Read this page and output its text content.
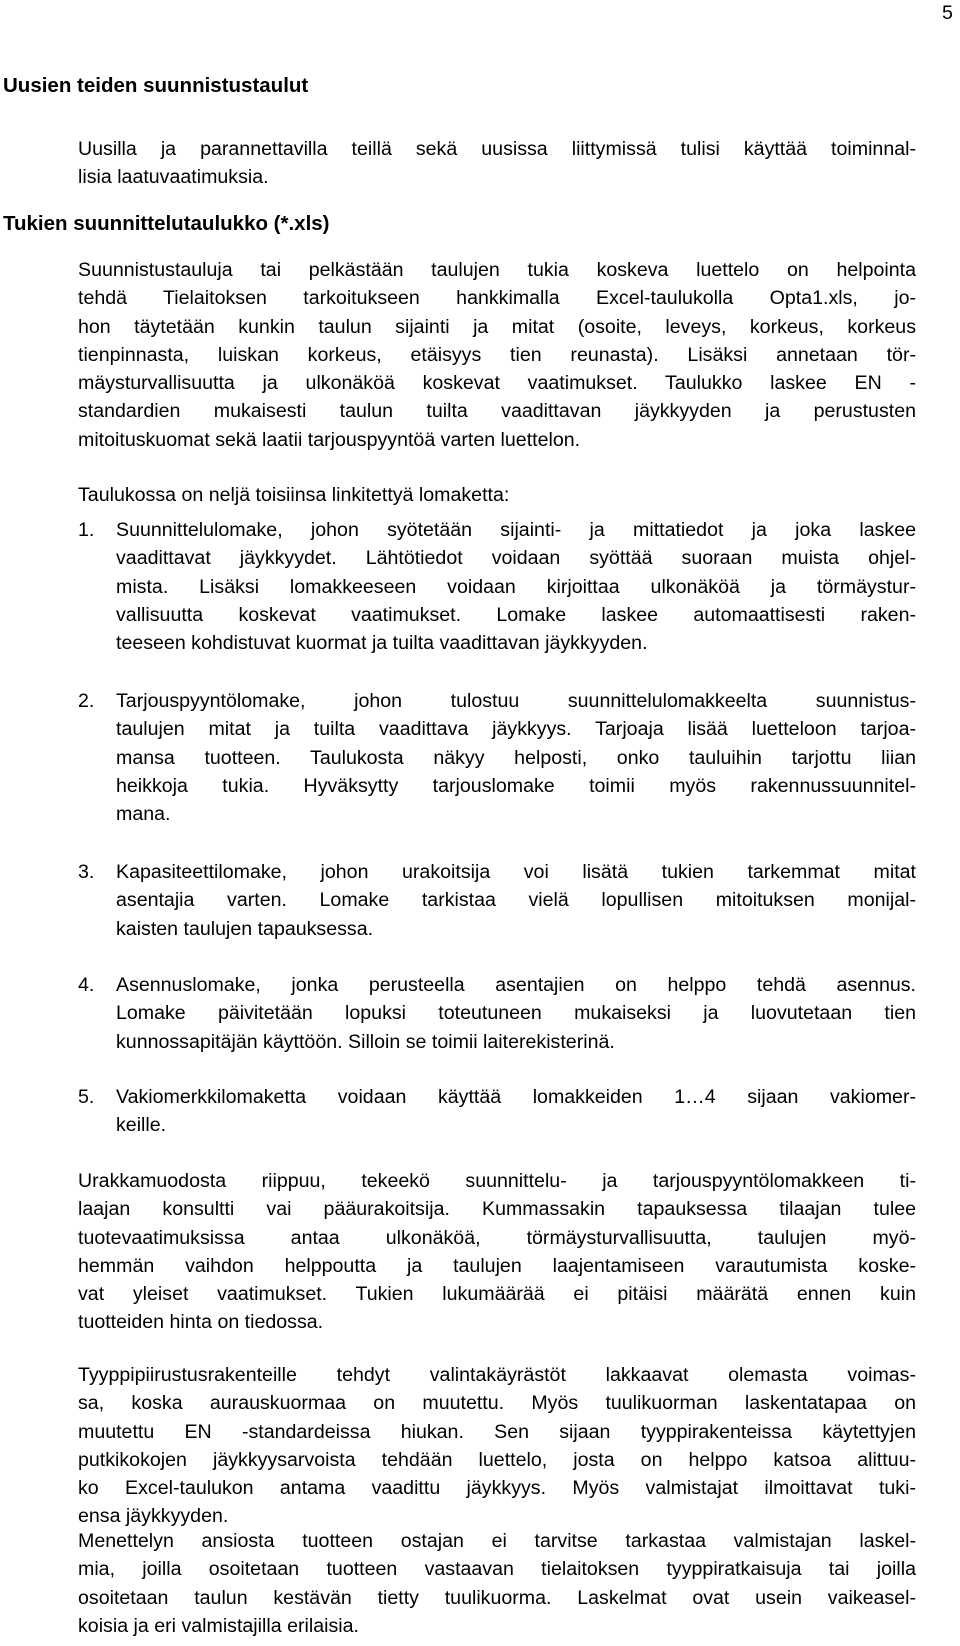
5
Uusien teiden suunnistustaulut
Uusilla ja parannettavilla teillä sekä uusissa liittymissä tulisi käyttää toiminnal-
lisia laatuvaatimuksia.
Tukien suunnittelutaulukko (*.xls)
Suunnistustauluja tai pelkästään taulujen tukia koskeva luettelo on helpointa
tehdä Tielaitoksen tarkoitukseen hankkimalla Excel-taulukolla Opta1.xls, jo-
hon täytetään kunkin taulun sijainti ja mitat (osoite, leveys, korkeus, korkeus
tienpinnasta, luiskan korkeus, etäisyys tien reunasta). Lisäksi annetaan tör-
mäysturvallisuutta ja ulkonäköä koskevat vaatimukset. Taulukko laskee EN -
standardien mukaisesti taulun tuilta vaadittavan jäykkyyden ja perustusten
mitoituskuomat sekä laatii tarjouspyyntöä varten luettelon.
Taulukossa on neljä toisiinsa linkitettyä lomaketta:
1. Suunnittelulomake, johon syötetään sijainti- ja mittatiedot ja joka laskee
vaadittavat jäykkyydet. Lähtötiedot voidaan syöttää suoraan muista ohjel-
mista. Lisäksi lomakkeeseen voidaan kirjoittaa ulkonäköä ja törmäystur-
vallisuutta koskevat vaatimukset. Lomake laskee automaattisesti raken-
teeseen kohdistuvat kuormat ja tuilta vaadittavan jäykkyyden.
2. Tarjouspyyntölomake, johon tulostuu suunnittelulomakkeelta suunnistus-
taulujen mitat ja tuilta vaadittava jäykkyys. Tarjoaja lisää luetteloon tarjoa-
mansa tuotteen. Taulukosta näkyy helposti, onko tauluihin tarjottu liian
heikkoja tukia. Hyväksytty tarjouslomake toimii myös rakennussuunnitel-
mana.
3. Kapasiteettilomake, johon urakoitsija voi lisätä tukien tarkemmat mitat
asentajia varten. Lomake tarkistaa vielä lopullisen mitoituksen monijal-
kaisten taulujen tapauksessa.
4. Asennuslomake, jonka perusteella asentajien on helppo tehdä asennus.
Lomake päivitetään lopuksi toteutuneen mukaiseksi ja luovutetaan tien
kunnossapitäjän käyttöön. Silloin se toimii laiterekisterinä.
5. Vakiomerkkilomaketta voidaan käyttää lomakkeiden 1…4 sijaan vakiomer-
keille.
Urakkamuodosta riippuu, tekeekö suunnittelu- ja tarjouspyyntölomakkeen ti-
laajan konsultti vai pääurakoitsija. Kummassakin tapauksessa tilaajan tulee
tuotevaatimuksissa antaa ulkonäköä, törmäysturvallisuutta, taulujen myö-
hemmän vaihdon helppoutta ja taulujen laajentamiseen varautumista koske-
vat yleiset vaatimukset. Tukien lukumäärää ei pitäisi määrätä ennen kuin
tuotteiden hinta on tiedossa.
Tyyppipiirustusrakenteille tehdyt valintakäyrästöt lakkaavat olemasta voimas-
sa, koska aurauskuormaa on muutettu. Myös tuulikuorman laskentatapaa on
muutettu EN -standardeissa hiukan. Sen sijaan tyyppirakenteissa käytettyjen
putkikokojen jäykkyysarvoista tehdään luettelo, josta on helppo katsoa alittuu-
ko Excel-taulukon antama vaadittu jäykkyys. Myös valmistajat ilmoittavat tuki-
ensa jäykkyyden.
Menettelyn ansiosta tuotteen ostajan ei tarvitse tarkastaa valmistajan laskel-
mia, joilla osoitetaan tuotteen vastaavan tielaitoksen tyyppiratkaisuja tai joilla
osoitetaan taulun kestävän tietty tuulikuorma. Laskelmat ovat usein vaikeasel-
koisia ja eri valmistajilla erilaisia.
